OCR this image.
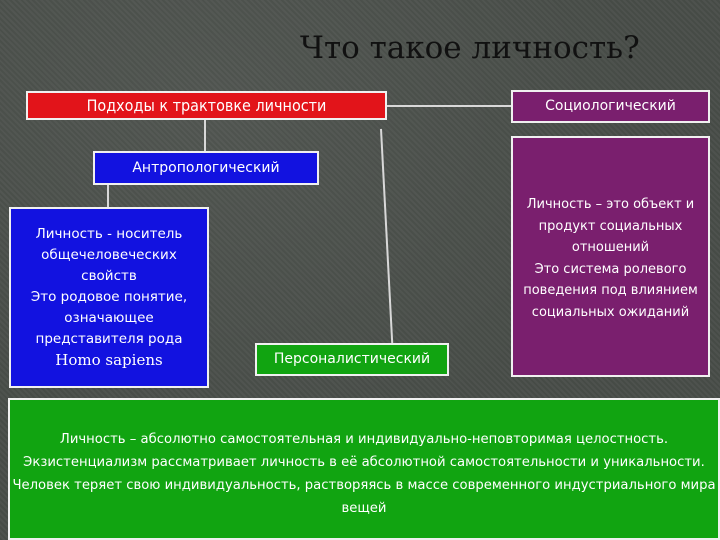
Что такое личность?
Подходы к трактовке личности	Социологический
Антропологический
Личность - носитель
общечеловеческих
свойств
Это родовое понятие,
означающее
представителя рода
Homo sapiens
Личность – это объект и
продукт социальных
отношений
Это система ролевого
поведения под влиянием
социальных ожиданий
Личность – абсолютно самостоятельная и индивидуально-неповторимая целостность.
Экзистенциализм рассматривает личность в её абсолютной самостоятельности и уникальности.
Человек теряет свою индивидуальность, растворяясь в массе современного индустриального мира
вещей
Персоналистический
